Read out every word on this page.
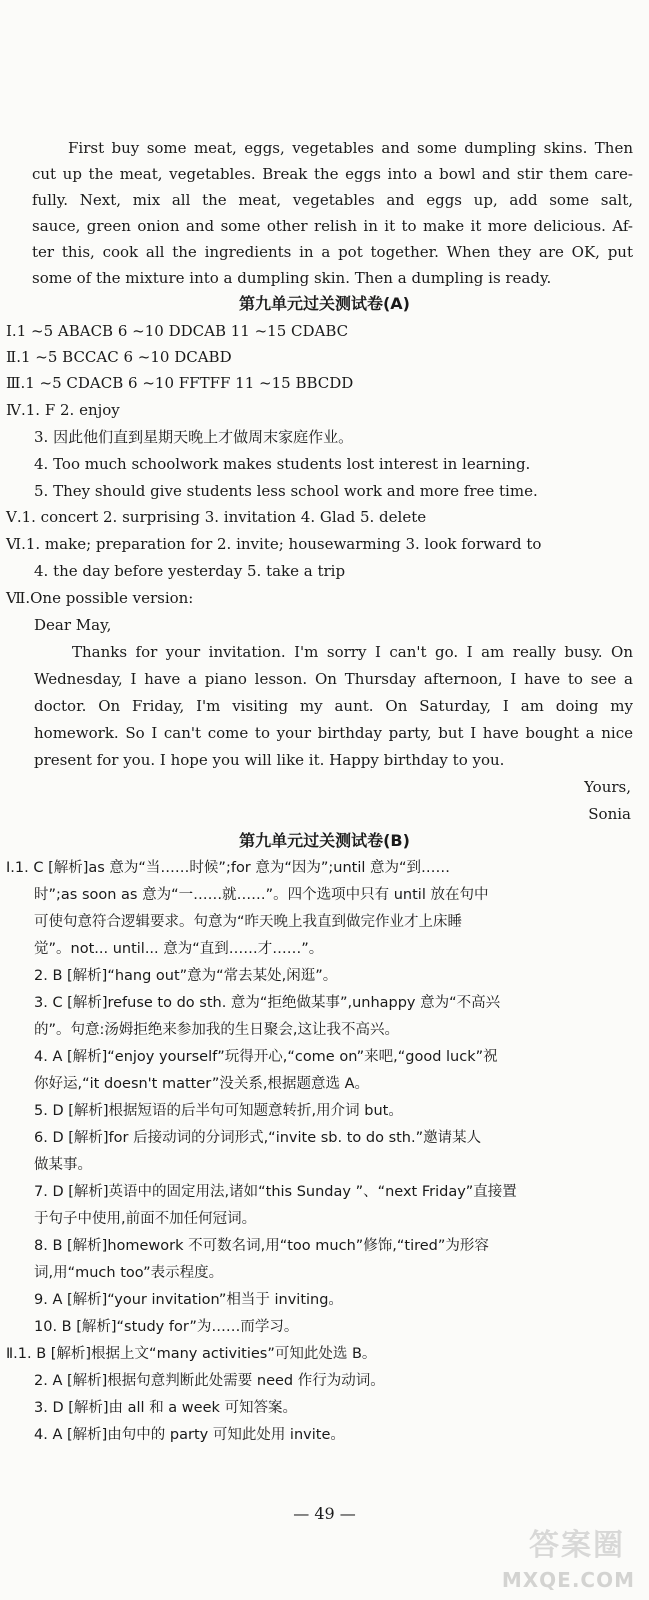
First buy some meat, eggs, vegetables and some dumpling skins. Then
cut up the meat, vegetables. Break the eggs into a bowl and stir them care-
fully. Next, mix all the meat, vegetables and eggs up, add some salt,
sauce, green onion and some other relish in it to make it more delicious. Af-
ter this, cook all the ingredients in a pot together. When they are OK, put
some of the mixture into a dumpling skin. Then a dumpling is ready.
第九单元过关测试卷(A)
Ⅰ.1 ~5 ABACB 6 ~10 DDCAB 11 ~15 CDABC
Ⅱ.1 ~5 BCCAC 6 ~10 DCABD
Ⅲ.1 ~5 CDACB 6 ~10 FFTFF 11 ~15 BBCDD
Ⅳ.1. F 2. enjoy
3. 因此他们直到星期天晚上才做周末家庭作业。
4. Too much schoolwork makes students lost interest in learning.
5. They should give students less school work and more free time.
Ⅴ.1. concert 2. surprising 3. invitation 4. Glad 5. delete
Ⅵ.1. make; preparation for 2. invite; housewarming 3. look forward to
4. the day before yesterday 5. take a trip
Ⅶ.One possible version:
Dear May,
Thanks for your invitation. I'm sorry I can't go. I am really busy. On
Wednesday, I have a piano lesson. On Thursday afternoon, I have to see a
doctor. On Friday, I'm visiting my aunt. On Saturday, I am doing my
homework. So I can't come to your birthday party, but I have bought a nice
present for you. I hope you will like it. Happy birthday to you.
Yours,
Sonia
第九单元过关测试卷(B)
Ⅰ.1. C [解析]as 意为“当……时候”;for 意为“因为”;until 意为“到……
时”;as soon as 意为“一……就……”。四个选项中只有 until 放在句中
可使句意符合逻辑要求。句意为“昨天晚上我直到做完作业才上床睡
觉”。not... until... 意为“直到……才……”。
2. B [解析]“hang out”意为“常去某处,闲逛”。
3. C [解析]refuse to do sth. 意为“拒绝做某事”,unhappy 意为“不高兴
的”。句意:汤姆拒绝来参加我的生日聚会,这让我不高兴。
4. A [解析]“enjoy yourself”玩得开心,“come on”来吧,“good luck”祝
你好运,“it doesn't matter”没关系,根据题意选 A。
5. D [解析]根据短语的后半句可知题意转折,用介词 but。
6. D [解析]for 后接动词的分词形式,“invite sb. to do sth.”邀请某人
做某事。
7. D [解析]英语中的固定用法,诸如“this Sunday ”、“next Friday”直接置
于句子中使用,前面不加任何冠词。
8. B [解析]homework 不可数名词,用“too much”修饰,“tired”为形容
词,用“much too”表示程度。
9. A [解析]“your invitation”相当于 inviting。
10. B [解析]“study for”为……而学习。
Ⅱ.1. B [解析]根据上文“many activities”可知此处选 B。
2. A [解析]根据句意判断此处需要 need 作行为动词。
3. D [解析]由 all 和 a week 可知答案。
4. A [解析]由句中的 party 可知此处用 invite。
— 49 —
答案圈
MXQE.COM
